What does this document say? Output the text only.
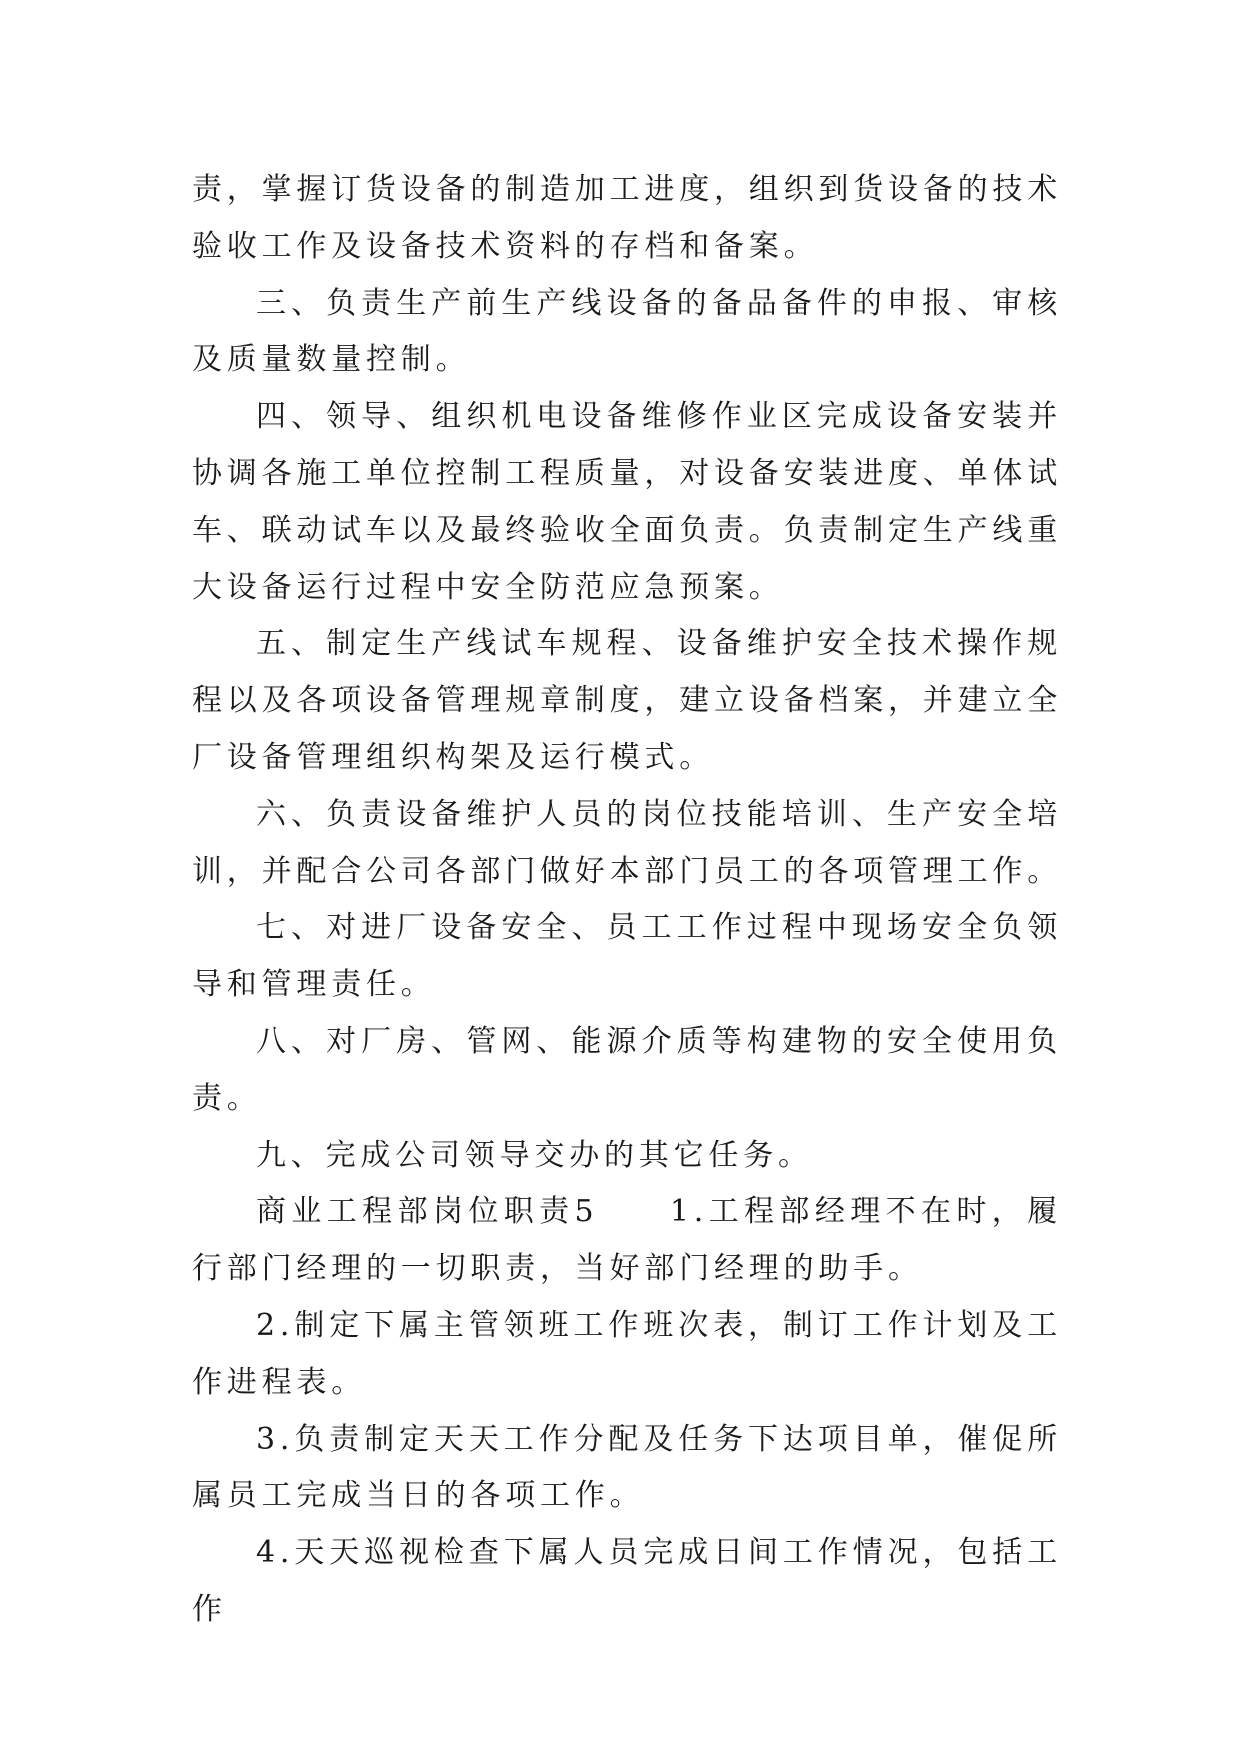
责，掌握订货设备的制造加工进度，组织到货设备的技术验收工作及设备技术资料的存档和备案。

三、负责生产前生产线设备的备品备件的申报、审核及质量数量控制。

四、领导、组织机电设备维修作业区完成设备安装并协调各施工单位控制工程质量，对设备安装进度、单体试车、联动试车以及最终验收全面负责。负责制定生产线重大设备运行过程中安全防范应急预案。

五、制定生产线试车规程、设备维护安全技术操作规程以及各项设备管理规章制度，建立设备档案，并建立全厂设备管理组织构架及运行模式。

六、负责设备维护人员的岗位技能培训、生产安全培训，并配合公司各部门做好本部门员工的各项管理工作。

七、对进厂设备安全、员工工作过程中现场安全负领导和管理责任。

八、对厂房、管网、能源介质等构建物的安全使用负责。

九、完成公司领导交办的其它任务。

商业工程部岗位职责5　　1.工程部经理不在时，履行部门经理的一切职责，当好部门经理的助手。

2.制定下属主管领班工作班次表，制订工作计划及工作进程表。

3.负责制定天天工作分配及任务下达项目单，催促所属员工完成当日的各项工作。

4.天天巡视检查下属人员完成日间工作情况，包括工作
